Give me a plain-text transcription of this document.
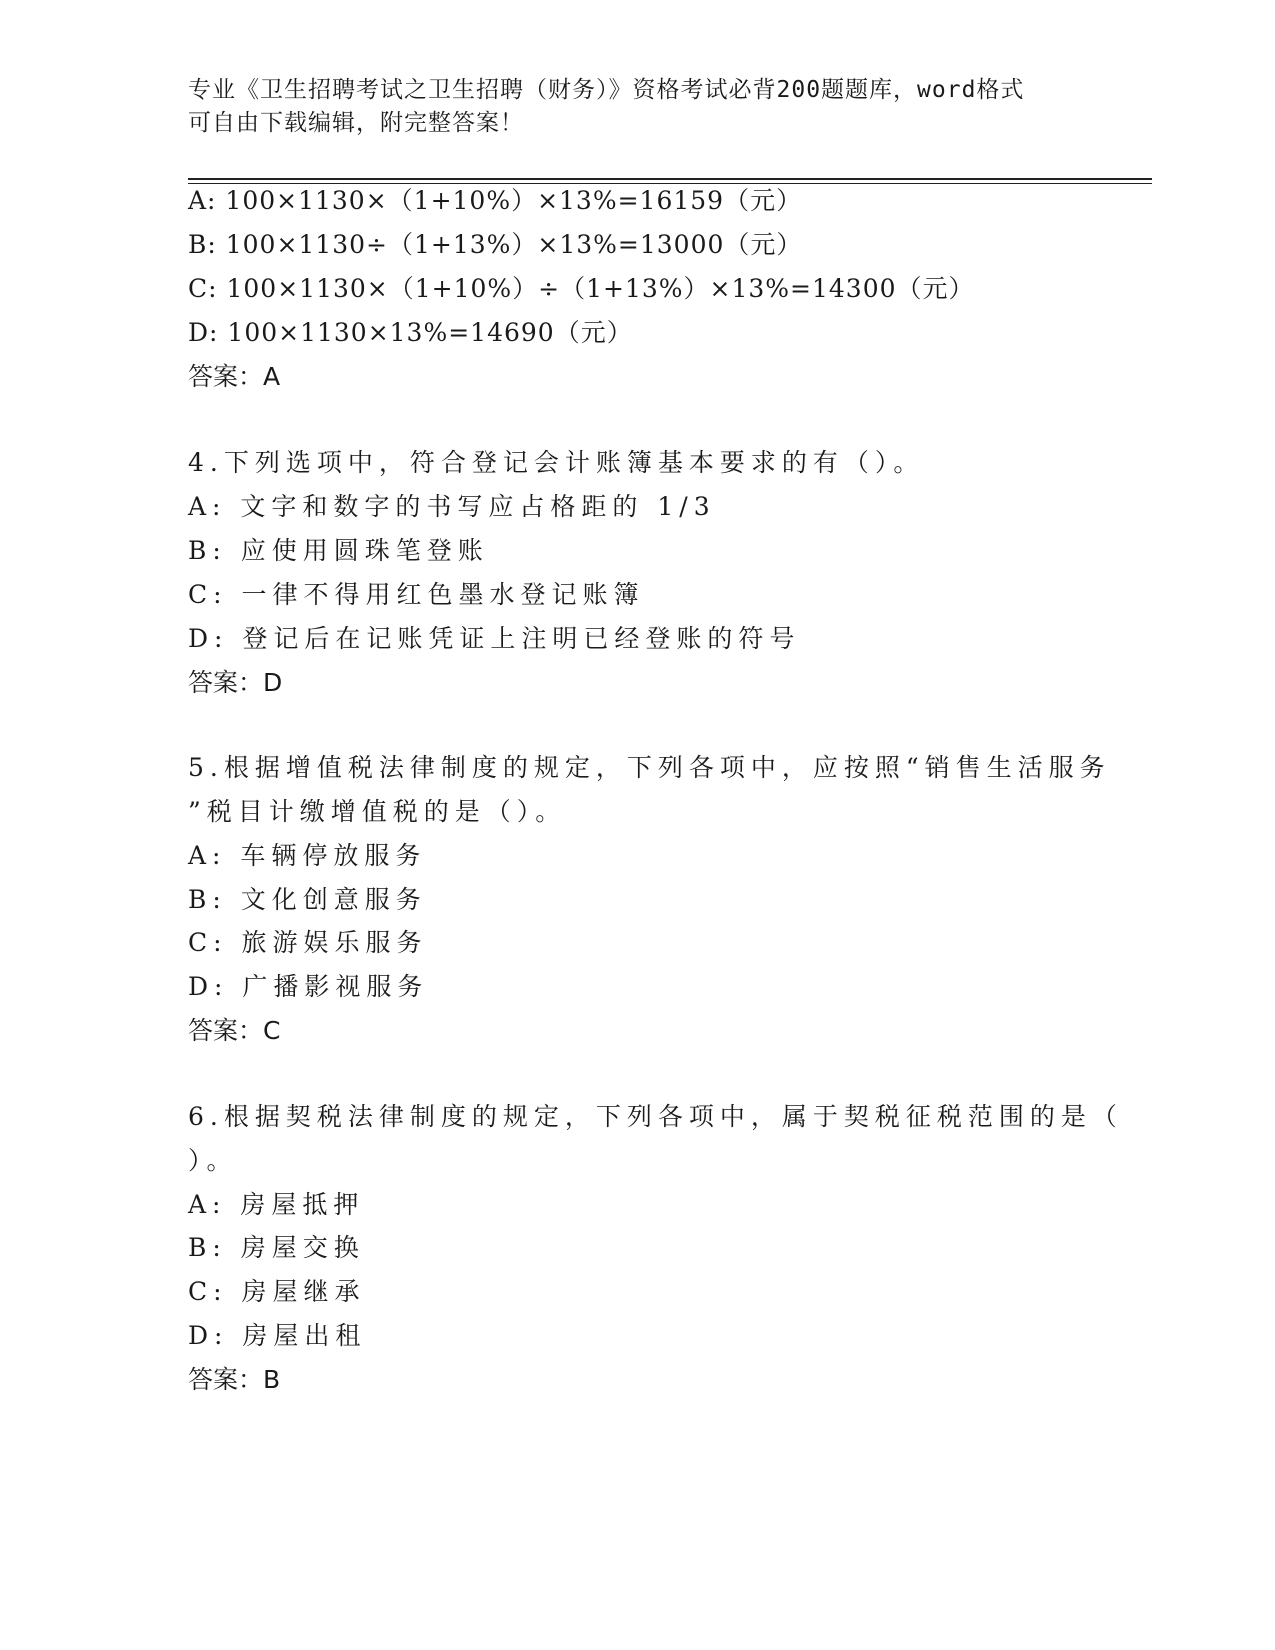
专业《卫生招聘考试之卫生招聘（财务）》资格考试必背200题题库，word格式
可自由下载编辑，附完整答案！
A: 100×1130×（1+10%）×13%=16159（元）
B: 100×1130÷（1+13%）×13%=13000（元）
C: 100×1130×（1+10%）÷（1+13%）×13%=14300（元）
D: 100×1130×13%=14690（元）
答案：A
4.下列选项中，符合登记会计账簿基本要求的有（）。
A: 文字和数字的书写应占格距的 1/3
B: 应使用圆珠笔登账
C: 一律不得用红色墨水登记账簿
D: 登记后在记账凭证上注明已经登账的符号
答案：D
5.根据增值税法律制度的规定，下列各项中，应按照“销售生活服务
”税目计缴增值税的是（）。
A: 车辆停放服务
B: 文化创意服务
C: 旅游娱乐服务
D: 广播影视服务
答案：C
6.根据契税法律制度的规定，下列各项中，属于契税征税范围的是（
）。
A: 房屋抵押
B: 房屋交换
C: 房屋继承
D: 房屋出租
答案：B
